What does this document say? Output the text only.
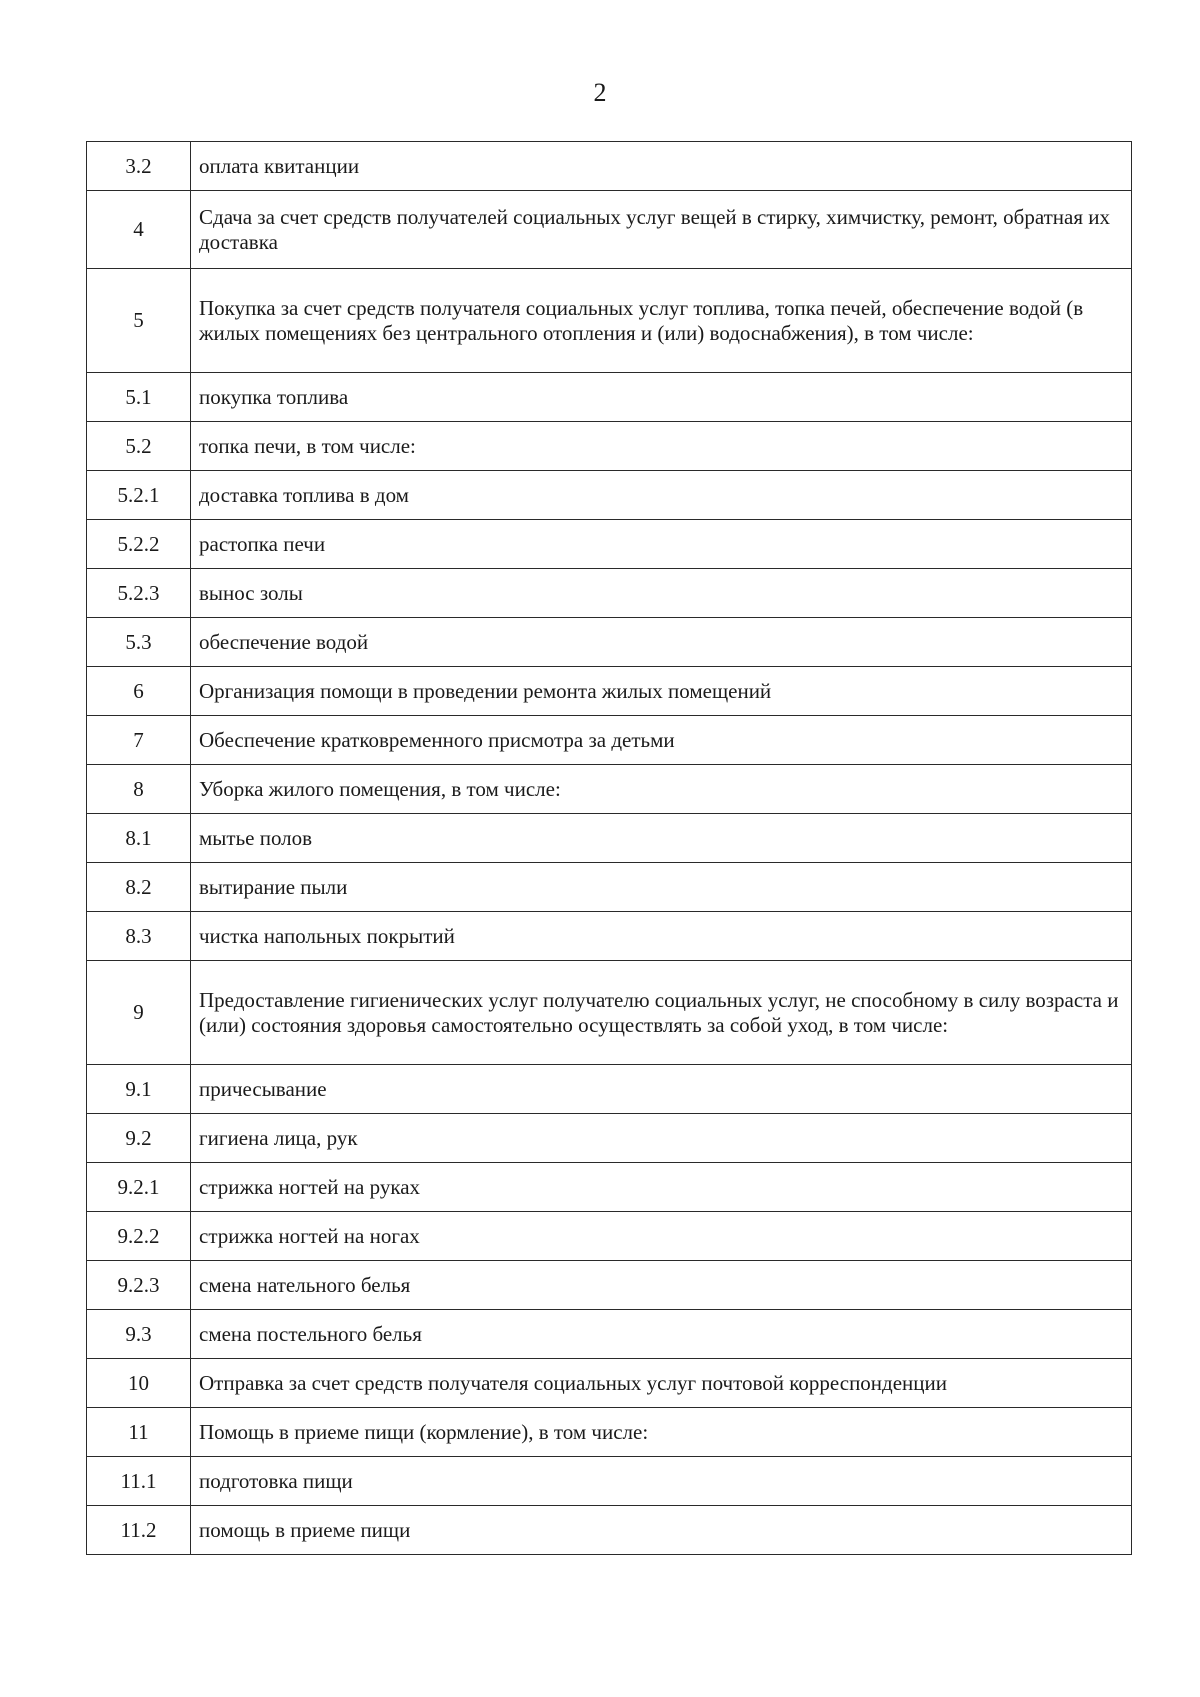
2
3.2	оплата квитанции
4	Сдача за счет средств получателей социальных услуг вещей в стирку, химчистку, ремонт, обратная их доставка
5	Покупка за счет средств получателя социальных услуг топлива, топка печей, обеспечение водой (в жилых помещениях без центрального отопления и (или) водоснабжения), в том числе:
5.1	покупка топлива
5.2	топка печи, в том числе:
5.2.1	доставка топлива в дом
5.2.2	растопка печи
5.2.3	вынос золы
5.3	обеспечение водой
6	Организация помощи в проведении ремонта жилых помещений
7	Обеспечение кратковременного присмотра за детьми
8	Уборка жилого помещения, в том числе:
8.1	мытье полов
8.2	вытирание пыли
8.3	чистка напольных покрытий
9	Предоставление гигиенических услуг получателю социальных услуг, не способному в силу возраста и (или) состояния здоровья самостоятельно осуществлять за собой уход, в том числе:
9.1	причесывание
9.2	гигиена лица, рук
9.2.1	стрижка ногтей на руках
9.2.2	стрижка ногтей на ногах
9.2.3	смена нательного белья
9.3	смена постельного белья
10	Отправка за счет средств получателя социальных услуг почтовой корреспонденции
11	Помощь в приеме пищи (кормление), в том числе:
11.1	подготовка пищи
11.2	помощь в приеме пищи
